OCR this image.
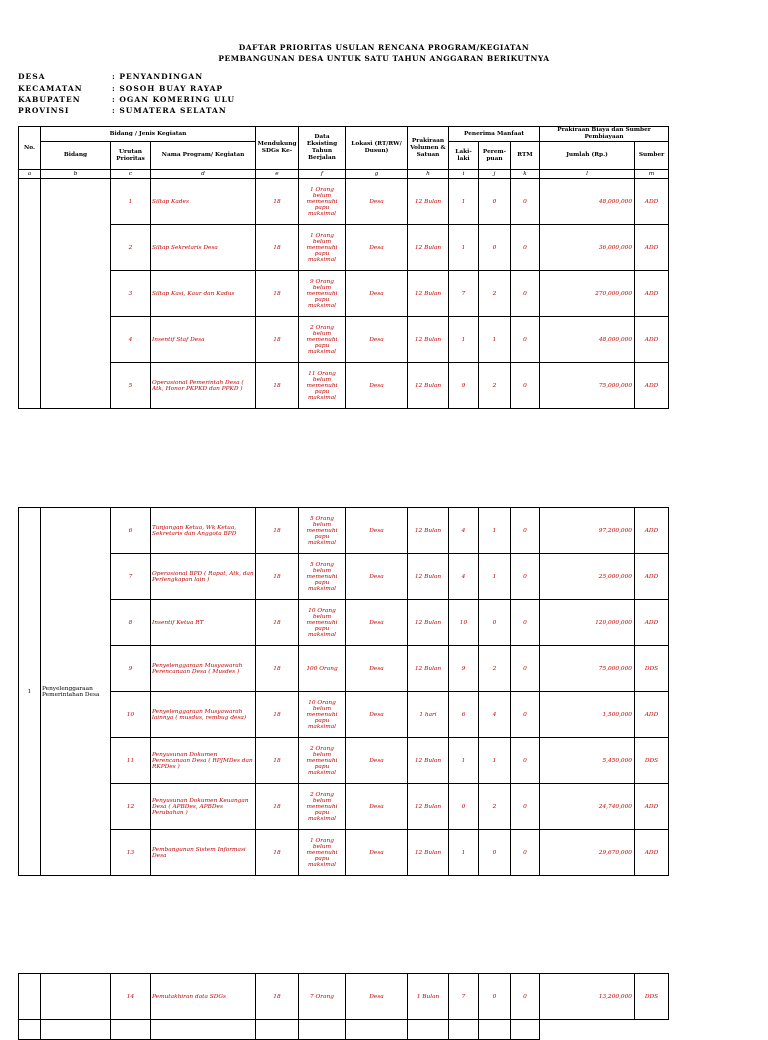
DAFTAR PRIORITAS USULAN RENCANA PROGRAM/KEGIATAN
PEMBANGUNAN DESA UNTUK SATU TAHUN ANGGARAN BERIKUTNYA
DESA	: PENYANDINGAN
KECAMATAN	: SOSOH BUAY RAYAP
KABUPATEN	: OGAN KOMERING ULU
PROVINSI	: SUMATERA SELATAN
No.	Bidang / Jenis Kegiatan			Mendukung SDGs Ke-	Data Eksisting Tahun Berjalan	Lokasi (RT/RW/ Dusun)	Prakiraan Volumen & Satuan	Penerima Manfaat			Prakiraan Biaya dan Sumber Pembiayaan	
	Bidang	Urutan Prioritas	Nama Program/ Kegiatan					Laki-laki	Perem-puan	RTM	Jumlah (Rp.)	Sumber
a	b	c	d	e	f	g	h	i	j	k	l	m
		1	Siltap Kades	18	1 Orang belum memenuhi papu maksimal	Desa	12 Bulan	1	0	0	48,000,000	ADD
		2	Siltap Sekretaris Desa	18	1 Orang belum memenuhi papu maksimal	Desa	12 Bulan	1	0	0	36,000,000	ADD
		3	Siltap Kasi, Kaur dan Kadus	18	9 Orang belum memenuhi papu maksimal	Desa	12 Bulan	7	2	0	270,000,000	ADD
		4	Insentif Staf Desa	18	2 Orang belum memenuhi papu maksimal	Desa	12 Bulan	1	1	0	48,000,000	ADD
		5	Operasional Pemerintah Desa ( Atk, Honor PKPKD dan PPKD )	18	11 Orang belum memenuhi papu maksimal	Desa	12 Bulan	9	2	0	75,000,000	ADD
1	Penyelenggaraan Pemerintahan Desa	6	Tunjangan Ketua, Wk Ketua, Sekretaris dan Anggota BPD	18	5 Orang belum memenuhi papu maksimal	Desa	12 Bulan	4	1	0	97,200,000	ADD
		7	Operasional BPD ( Rapat, Atk, dan Perlengkapan lain )	18	5 Orang belum memenuhi papu maksimal	Desa	12 Bulan	4	1	0	25,000,000	ADD
		8	Insentif Ketua RT	18	10 Orang belum memenuhi papu maksimal	Desa	12 Bulan	10	0	0	120,000,000	ADD
		9	Penyelenggaraan Musyawarah Perencanaan Desa ( Musdes )	18	100 Orang	Desa	12 Bulan	9	2	0	75,000,000	DDS
		10	Penyelenggaraan Musyawarah lainnya ( musdus, rembug desa)	18	10 Orang belum memenuhi papu maksimal	Desa	1 hari	6	4	0	1,500,000	ADD
		11	Penyusunan Dokumen Perencanaan Desa ( RPJMDes dan RKPDes )	18	2 Orang belum memenuhi papu maksimal	Desa	12 Bulan	1	1	0	5,450,000	DDS
		12	Penyusunan Dokumen Keuangan Desa ( APBDes, APBDes Perubahan )	18	2 Orang belum memenuhi papu maksimal	Desa	12 Bulan	0	2	0	24,740,000	ADD
		13	Pembangunan Sistem Informasi Desa	18	1 Orang belum memenuhi papu maksimal	Desa	12 Bulan	1	0	0	29,670,000	ADD
		14	Pemutakhiran data SDGs	18	7 Orang	Desa	1 Bulan	7	0	0	13,200,000	DDS
